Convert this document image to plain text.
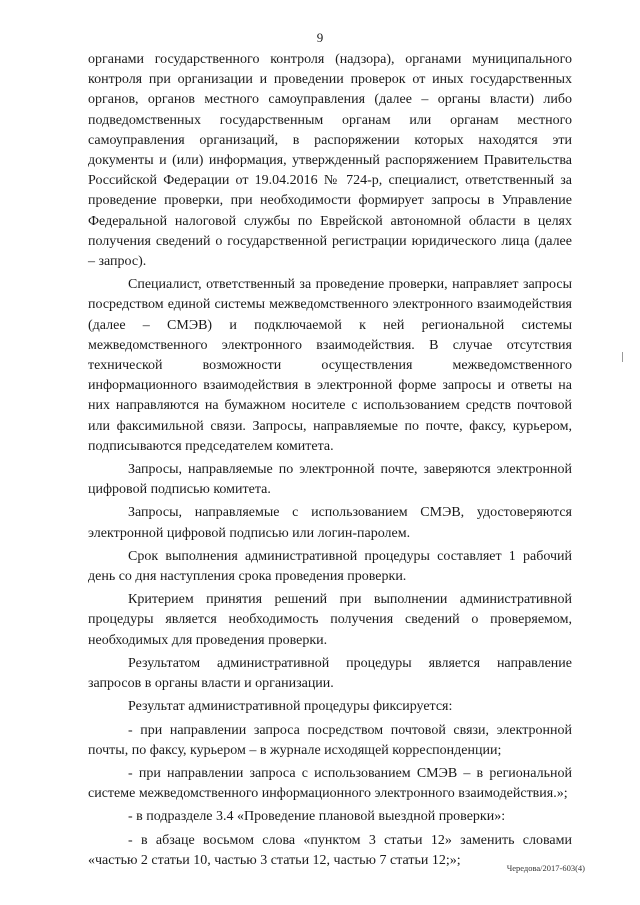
9

органами государственного контроля (надзора), органами муниципального контроля при организации и проведении проверок от иных государственных органов, органов местного самоуправления (далее – органы власти) либо подведомственных государственным органам или органам местного самоуправления организаций, в распоряжении которых находятся эти документы и (или) информация, утвержденный распоряжением Правительства Российской Федерации от 19.04.2016 № 724-р, специалист, ответственный за проведение проверки, при необходимости формирует запросы в Управление Федеральной налоговой службы по Еврейской автономной области в целях получения сведений о государственной регистрации юридического лица (далее – запрос).

Специалист, ответственный за проведение проверки, направляет запросы посредством единой системы межведомственного электронного взаимодействия (далее – СМЭВ) и подключаемой к ней региональной системы межведомственного электронного взаимодействия. В случае отсутствия технической возможности осуществления межведомственного информационного взаимодействия в электронной форме запросы и ответы на них направляются на бумажном носителе с использованием средств почтовой или факсимильной связи. Запросы, направляемые по почте, факсу, курьером, подписываются председателем комитета.

Запросы, направляемые по электронной почте, заверяются электронной цифровой подписью комитета.

Запросы, направляемые с использованием СМЭВ, удостоверяются электронной цифровой подписью или логин-паролем.

Срок выполнения административной процедуры составляет 1 рабочий день со дня наступления срока проведения проверки.

Критерием принятия решений при выполнении административной процедуры является необходимость получения сведений о проверяемом, необходимых для проведения проверки.

Результатом административной процедуры является направление запросов в органы власти и организации.

Результат административной процедуры фиксируется:

- при направлении запроса посредством почтовой связи, электронной почты, по факсу, курьером – в журнале исходящей корреспонденции;

- при направлении запроса с использованием СМЭВ – в региональной системе межведомственного информационного электронного взаимодействия.»;

- в подразделе 3.4 «Проведение плановой выездной проверки»:

- в абзаце восьмом слова «пунктом 3 статьи 12» заменить словами «частью 2 статьи 10, частью 3 статьи 12, частью 7 статьи 12;»;

Чередова/2017-603(4)
